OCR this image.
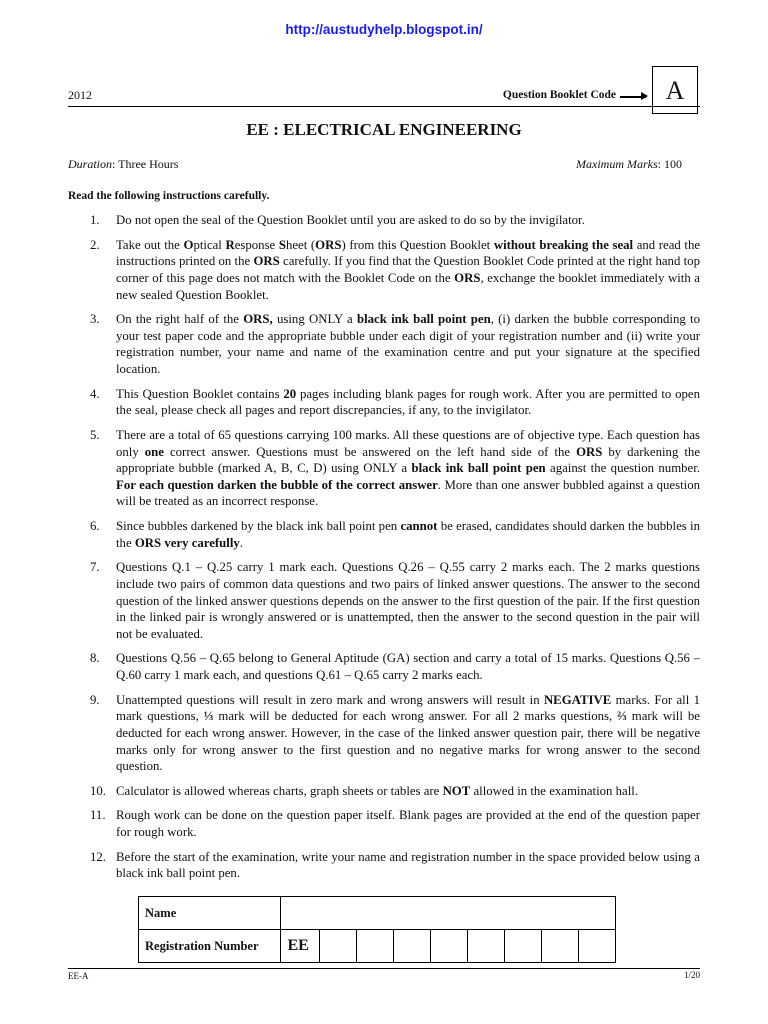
http://austudyhelp.blogspot.in/
2012	Question Booklet Code	A
EE : ELECTRICAL ENGINEERING
Duration: Three Hours	Maximum Marks: 100
Read the following instructions carefully.
1. Do not open the seal of the Question Booklet until you are asked to do so by the invigilator.
2. Take out the Optical Response Sheet (ORS) from this Question Booklet without breaking the seal and read the instructions printed on the ORS carefully. If you find that the Question Booklet Code printed at the right hand top corner of this page does not match with the Booklet Code on the ORS, exchange the booklet immediately with a new sealed Question Booklet.
3. On the right half of the ORS, using ONLY a black ink ball point pen, (i) darken the bubble corresponding to your test paper code and the appropriate bubble under each digit of your registration number and (ii) write your registration number, your name and name of the examination centre and put your signature at the specified location.
4. This Question Booklet contains 20 pages including blank pages for rough work. After you are permitted to open the seal, please check all pages and report discrepancies, if any, to the invigilator.
5. There are a total of 65 questions carrying 100 marks. All these questions are of objective type. Each question has only one correct answer. Questions must be answered on the left hand side of the ORS by darkening the appropriate bubble (marked A, B, C, D) using ONLY a black ink ball point pen against the question number. For each question darken the bubble of the correct answer. More than one answer bubbled against a question will be treated as an incorrect response.
6. Since bubbles darkened by the black ink ball point pen cannot be erased, candidates should darken the bubbles in the ORS very carefully.
7. Questions Q.1 – Q.25 carry 1 mark each. Questions Q.26 – Q.55 carry 2 marks each. The 2 marks questions include two pairs of common data questions and two pairs of linked answer questions. The answer to the second question of the linked answer questions depends on the answer to the first question of the pair. If the first question in the linked pair is wrongly answered or is unattempted, then the answer to the second question in the pair will not be evaluated.
8. Questions Q.56 – Q.65 belong to General Aptitude (GA) section and carry a total of 15 marks. Questions Q.56 – Q.60 carry 1 mark each, and questions Q.61 – Q.65 carry 2 marks each.
9. Unattempted questions will result in zero mark and wrong answers will result in NEGATIVE marks. For all 1 mark questions, ⅓ mark will be deducted for each wrong answer. For all 2 marks questions, ⅔ mark will be deducted for each wrong answer. However, in the case of the linked answer question pair, there will be negative marks only for wrong answer to the first question and no negative marks for wrong answer to the second question.
10. Calculator is allowed whereas charts, graph sheets or tables are NOT allowed in the examination hall.
11. Rough work can be done on the question paper itself. Blank pages are provided at the end of the question paper for rough work.
12. Before the start of the examination, write your name and registration number in the space provided below using a black ink ball point pen.
Name									
Registration Number	EE								
EE-A	1/20
